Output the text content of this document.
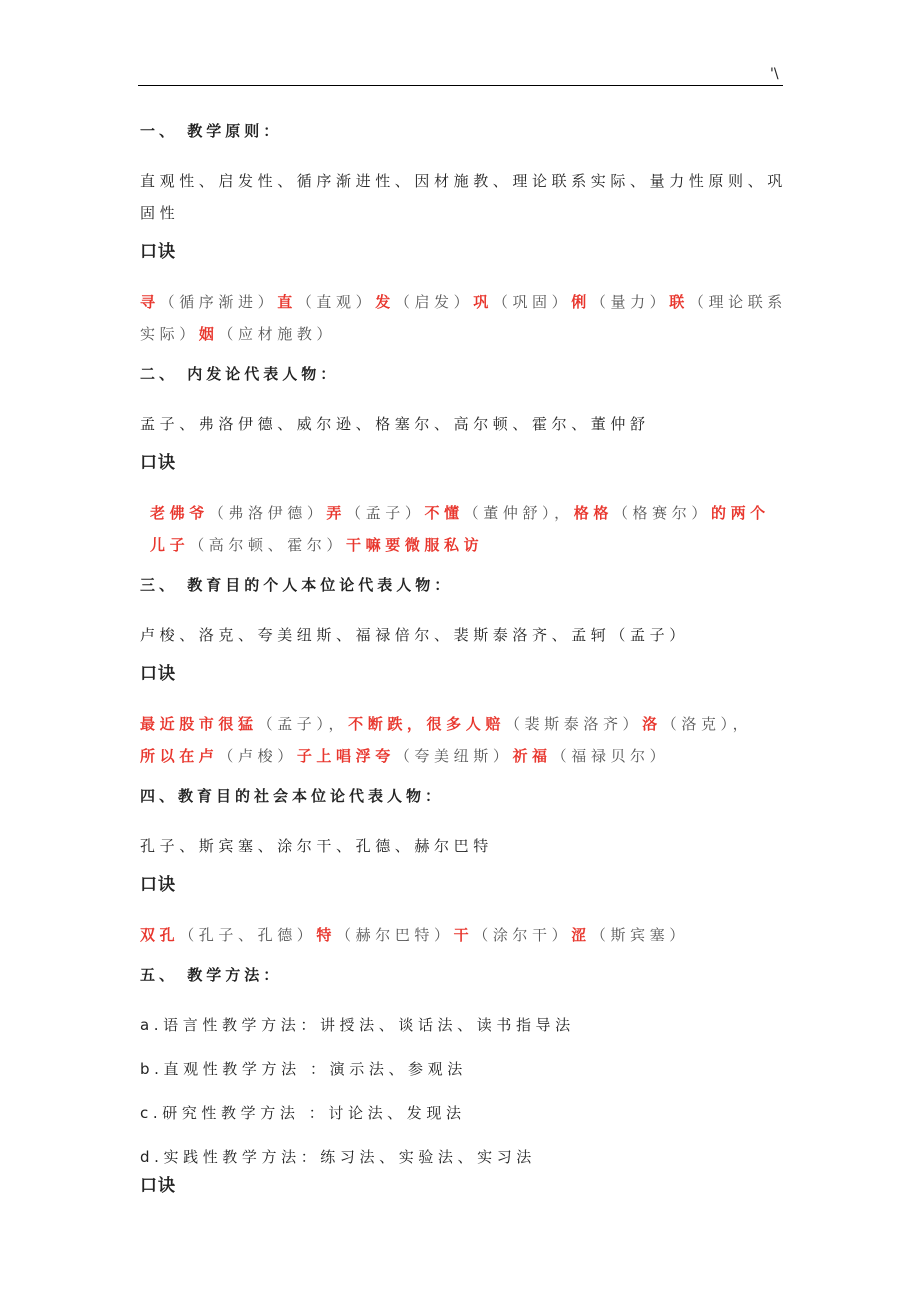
'\
一、 教学原则：
直观性、启发性、循序渐进性、因材施教、理论联系实际、量力性原则、巩固性
口诀
寻（循序渐进）直（直观）发（启发）巩（巩固）俐（量力）联（理论联系实际）姻（应材施教）
二、 内发论代表人物：
孟子、弗洛伊德、威尔逊、格塞尔、高尔顿、霍尔、董仲舒
口诀
老佛爷（弗洛伊德）弄（孟子）不懂（董仲舒），格格（格赛尔）的两个儿子（高尔顿、霍尔）干嘛要微服私访
三、 教育目的个人本位论代表人物：
卢梭、洛克、夸美纽斯、福禄倍尔、裴斯泰洛齐、孟轲（孟子）
口诀
最近股市很猛（孟子），不断跌，很多人赔（裴斯泰洛齐）洛（洛克），所以在卢（卢梭）子上唱浮夸（夸美纽斯）祈福（福禄贝尔）
四、教育目的社会本位论代表人物：
孔子、斯宾塞、涂尔干、孔德、赫尔巴特
口诀
双孔（孔子、孔德）特（赫尔巴特）干（涂尔干）涩（斯宾塞）
五、 教学方法：
a.语言性教学方法：讲授法、谈话法、读书指导法
b.直观性教学方法 ：演示法、参观法
c.研究性教学方法 ：讨论法、发现法
d.实践性教学方法：练习法、实验法、实习法
口诀
